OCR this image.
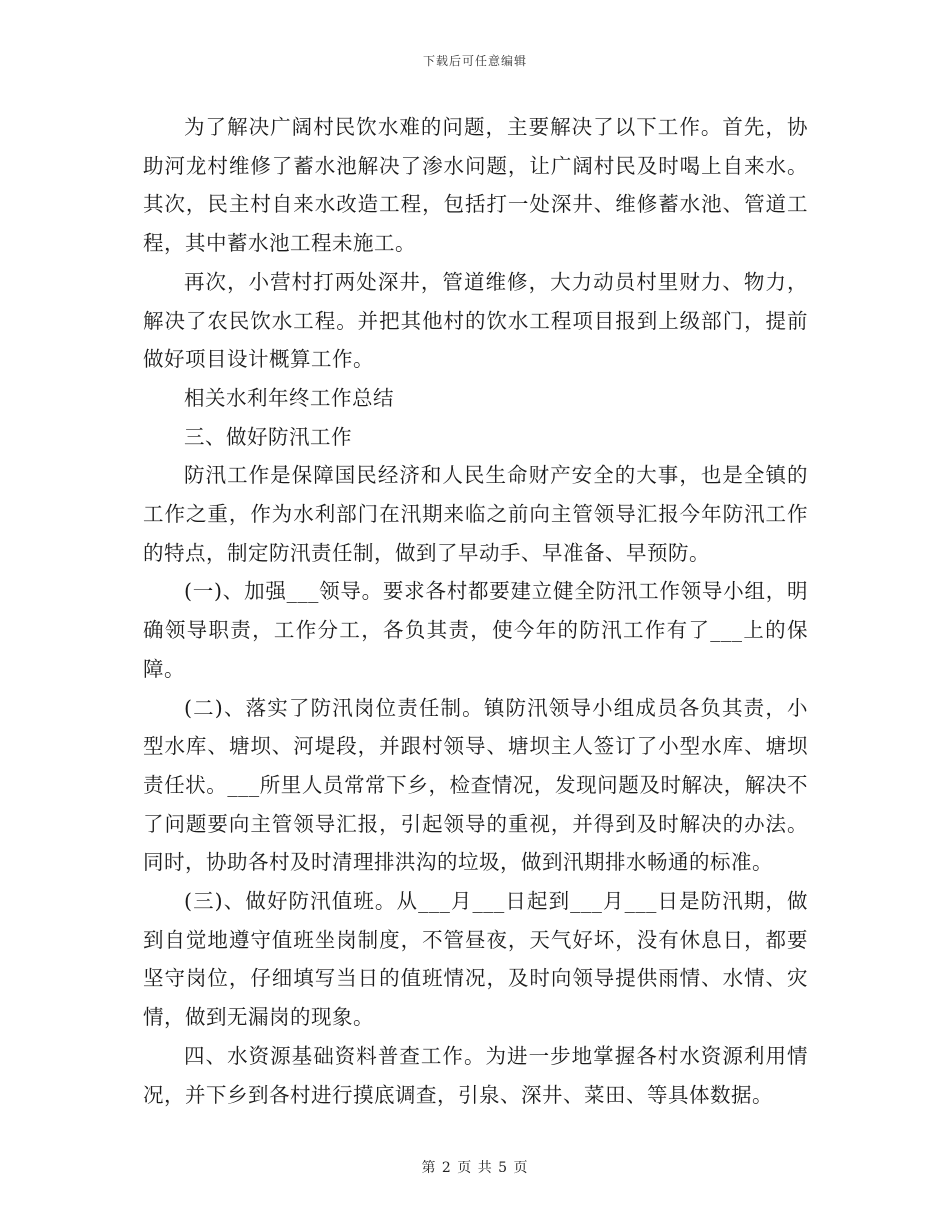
下载后可任意编辑

为了解决广阔村民饮水难的问题，主要解决了以下工作。首先，协助河龙村维修了蓄水池解决了渗水问题，让广阔村民及时喝上自来水。其次，民主村自来水改造工程，包括打一处深井、维修蓄水池、管道工程，其中蓄水池工程未施工。

再次，小营村打两处深井，管道维修，大力动员村里财力、物力，解决了农民饮水工程。并把其他村的饮水工程项目报到上级部门，提前做好项目设计概算工作。

相关水利年终工作总结

三、做好防汛工作

防汛工作是保障国民经济和人民生命财产安全的大事，也是全镇的工作之重，作为水利部门在汛期来临之前向主管领导汇报今年防汛工作的特点，制定防汛责任制，做到了早动手、早准备、早预防。

(一)、加强___领导。要求各村都要建立健全防汛工作领导小组，明确领导职责，工作分工，各负其责，使今年的防汛工作有了___上的保障。

(二)、落实了防汛岗位责任制。镇防汛领导小组成员各负其责，小型水库、塘坝、河堤段，并跟村领导、塘坝主人签订了小型水库、塘坝责任状。___所里人员常常下乡，检查情况，发现问题及时解决，解决不了问题要向主管领导汇报，引起领导的重视，并得到及时解决的办法。同时，协助各村及时清理排洪沟的垃圾，做到汛期排水畅通的标准。

(三)、做好防汛值班。从___月___日起到___月___日是防汛期，做到自觉地遵守值班坐岗制度，不管昼夜，天气好坏，没有休息日，都要坚守岗位，仔细填写当日的值班情况，及时向领导提供雨情、水情、灾情，做到无漏岗的现象。

四、水资源基础资料普查工作。为进一步地掌握各村水资源利用情况，并下乡到各村进行摸底调查，引泉、深井、菜田、等具体数据。

第 2 页 共 5 页
